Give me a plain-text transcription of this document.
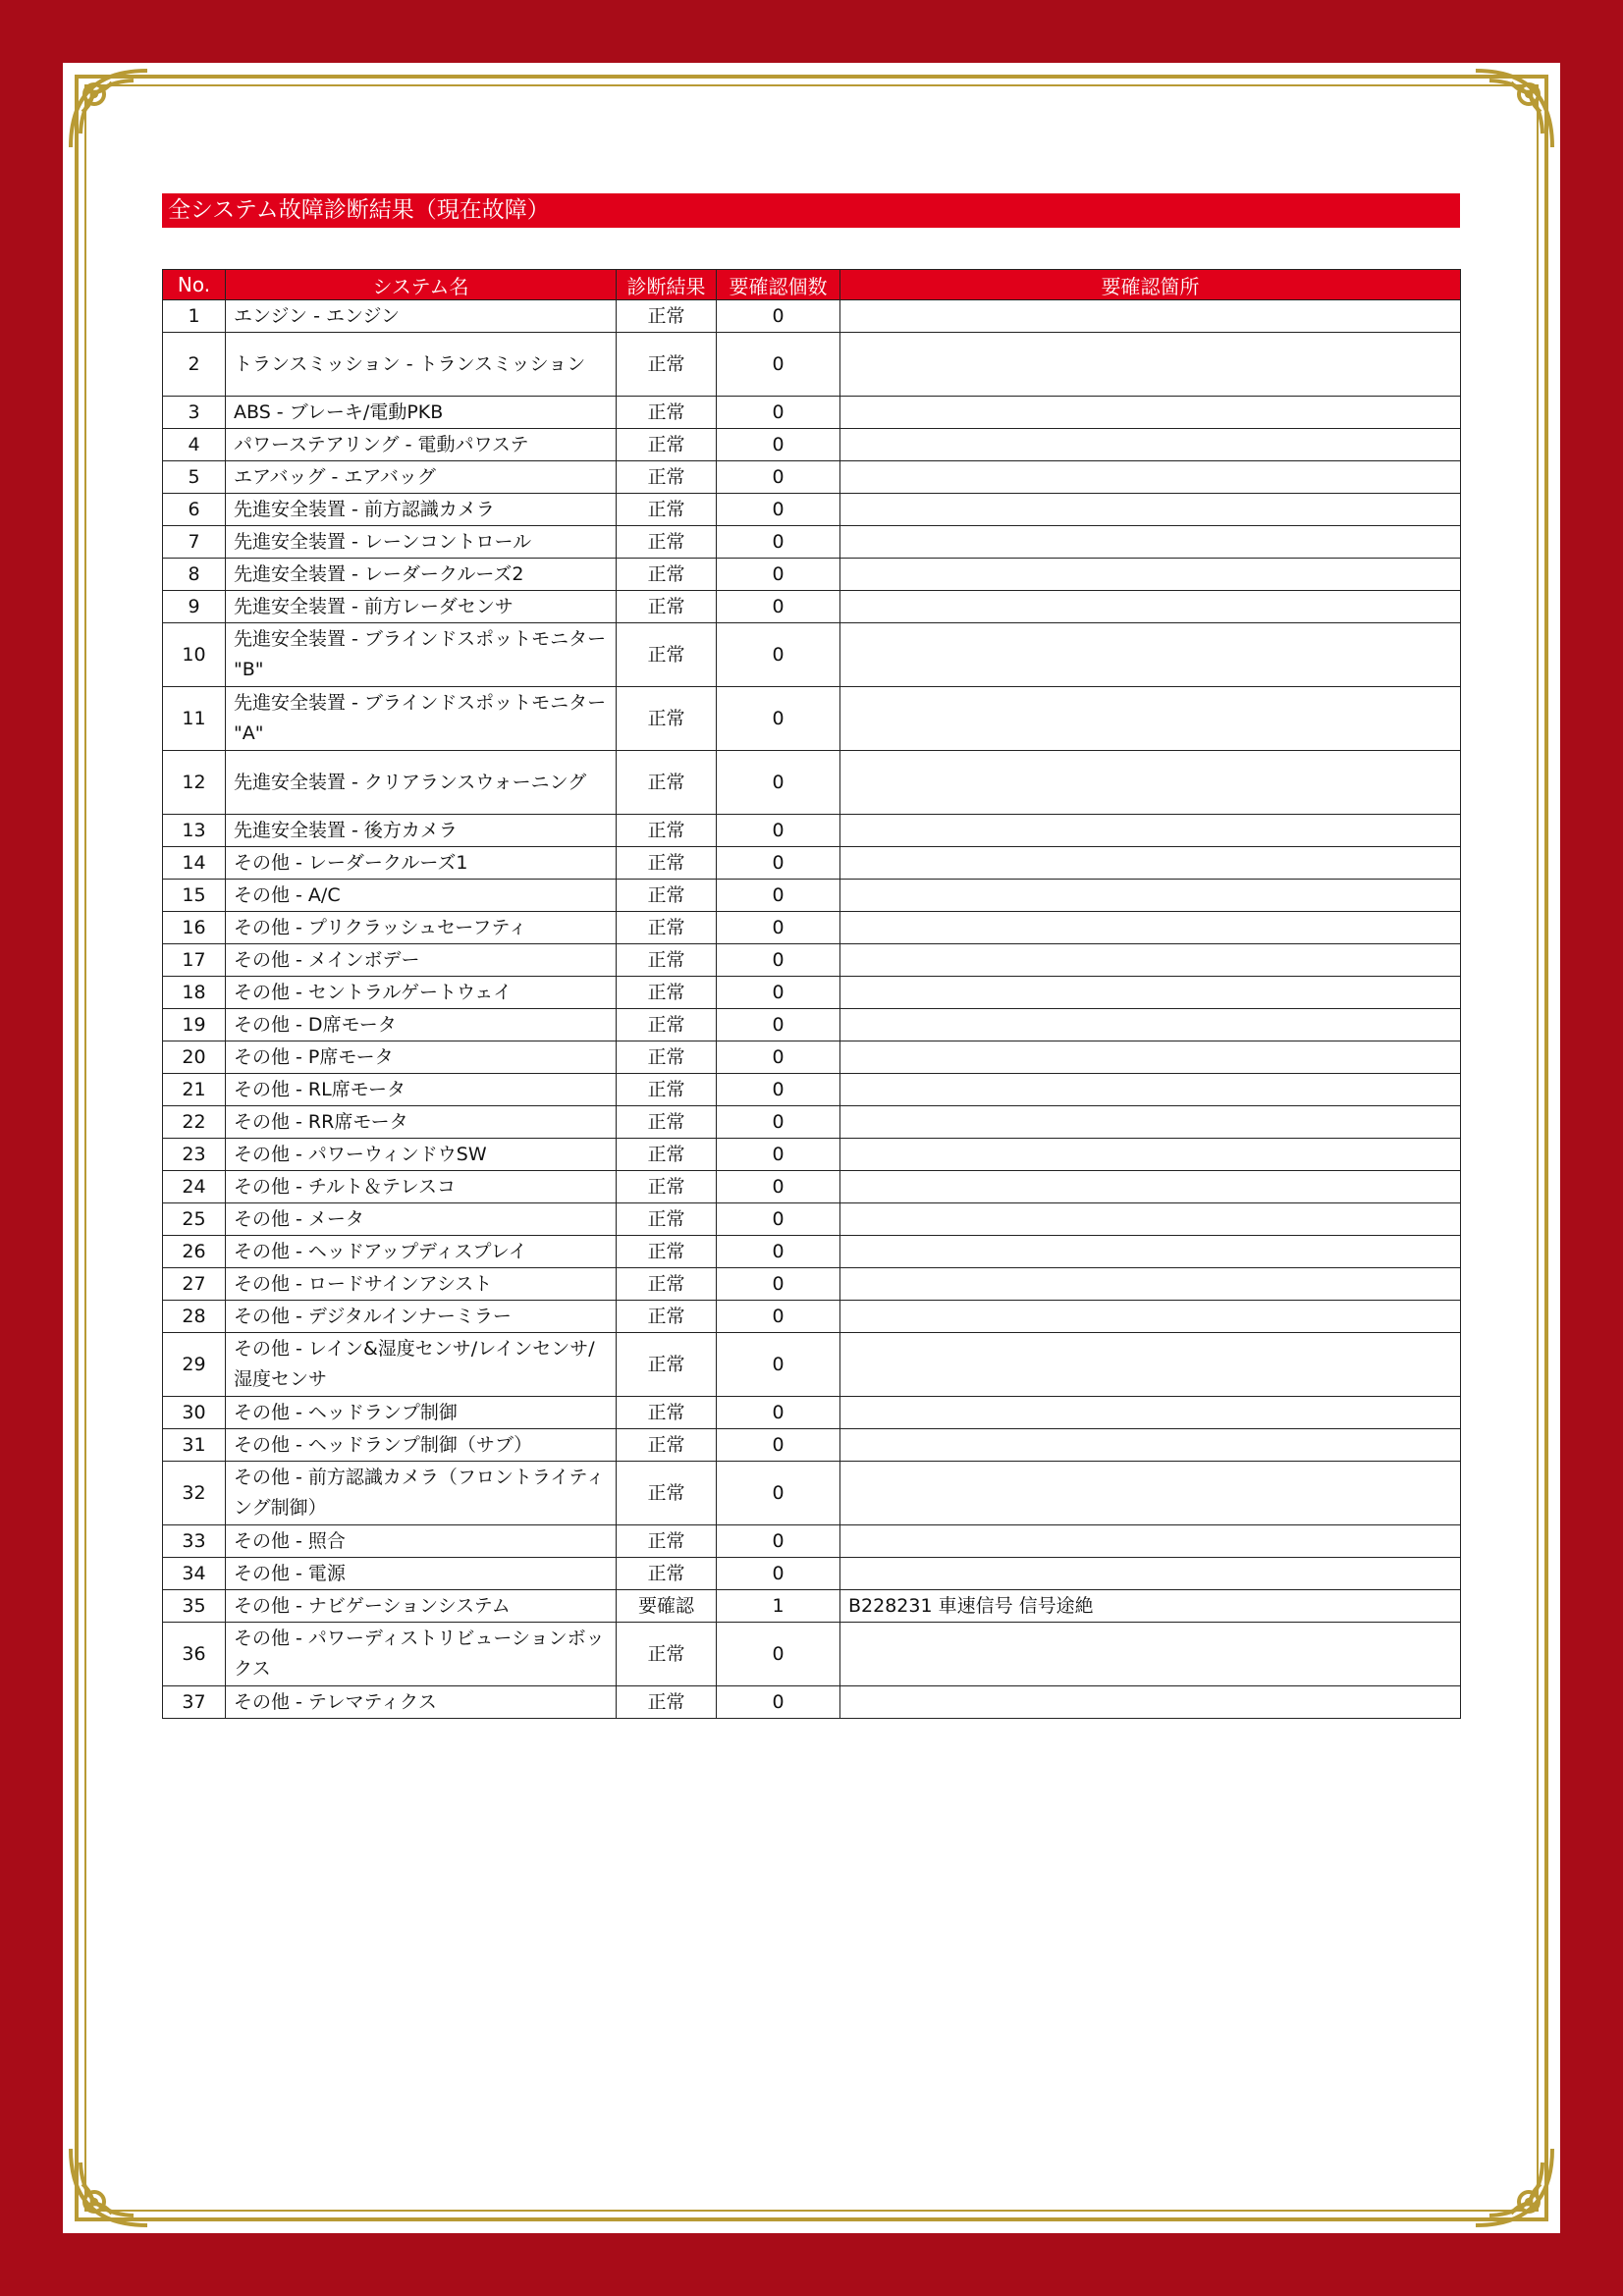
全システム故障診断結果（現在故障）
No.	システム名	診断結果	要確認個数	要確認箇所
1	エンジン - エンジン	正常	0	
2	トランスミッション - トランスミッション	正常	0	
3	ABS - ブレーキ/電動PKB	正常	0	
4	パワーステアリング - 電動パワステ	正常	0	
5	エアバッグ - エアバッグ	正常	0	
6	先進安全装置 - 前方認識カメラ	正常	0	
7	先進安全装置 - レーンコントロール	正常	0	
8	先進安全装置 - レーダークルーズ2	正常	0	
9	先進安全装置 - 前方レーダセンサ	正常	0	
10	先進安全装置 - ブラインドスポットモニター "B"	正常	0	
11	先進安全装置 - ブラインドスポットモニター "A"	正常	0	
12	先進安全装置 - クリアランスウォーニング	正常	0	
13	先進安全装置 - 後方カメラ	正常	0	
14	その他 - レーダークルーズ1	正常	0	
15	その他 - A/C	正常	0	
16	その他 - プリクラッシュセーフティ	正常	0	
17	その他 - メインボデー	正常	0	
18	その他 - セントラルゲートウェイ	正常	0	
19	その他 - D席モータ	正常	0	
20	その他 - P席モータ	正常	0	
21	その他 - RL席モータ	正常	0	
22	その他 - RR席モータ	正常	0	
23	その他 - パワーウィンドウSW	正常	0	
24	その他 - チルト＆テレスコ	正常	0	
25	その他 - メータ	正常	0	
26	その他 - ヘッドアップディスプレイ	正常	0	
27	その他 - ロードサインアシスト	正常	0	
28	その他 - デジタルインナーミラー	正常	0	
29	その他 - レイン&湿度センサ/レインセンサ/湿度センサ	正常	0	
30	その他 - ヘッドランプ制御	正常	0	
31	その他 - ヘッドランプ制御（サブ）	正常	0	
32	その他 - 前方認識カメラ（フロントライティング制御）	正常	0	
33	その他 - 照合	正常	0	
34	その他 - 電源	正常	0	
35	その他 - ナビゲーションシステム	要確認	1	B228231 車速信号 信号途絶
36	その他 - パワーディストリビューションボックス	正常	0	
37	その他 - テレマティクス	正常	0	
